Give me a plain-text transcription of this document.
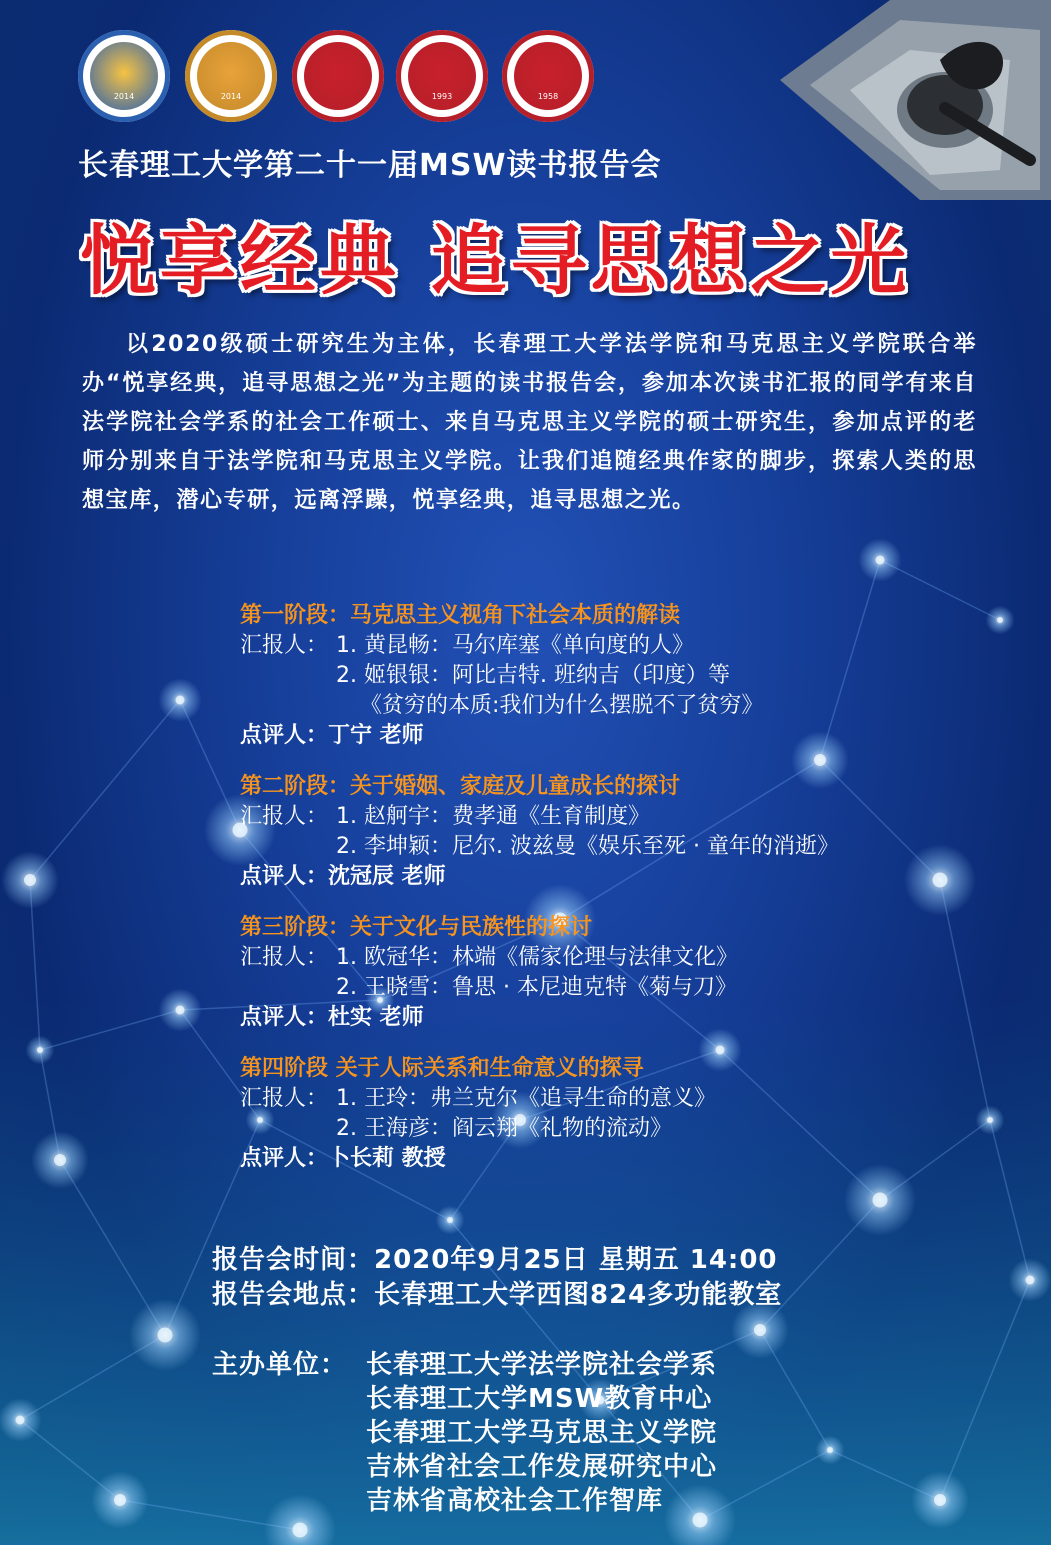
2014	2014	1993	1958
长春理工大学第二十一届MSW读书报告会
悦享经典 追寻思想之光
以2020级硕士研究生为主体，长春理工大学法学院和马克思主义学院联合举办“悦享经典，追寻思想之光”为主题的读书报告会，参加本次读书汇报的同学有来自法学院社会学系的社会工作硕士、来自马克思主义学院的硕士研究生，参加点评的老师分别来自于法学院和马克思主义学院。让我们追随经典作家的脚步，探索人类的思想宝库，潜心专研，远离浮躁，悦享经典，追寻思想之光。
第一阶段：马克思主义视角下社会本质的解读
汇报人： 1. 黄昆畅：马尔库塞《单向度的人》
2. 姬银银：阿比吉特. 班纳吉（印度）等
《贫穷的本质:我们为什么摆脱不了贫穷》
点评人：丁宁 老师
第二阶段：关于婚姻、家庭及儿童成长的探讨
汇报人： 1. 赵舸宇：费孝通《生育制度》
2. 李坤颖：尼尔. 波兹曼《娱乐至死 · 童年的消逝》
点评人：沈冠辰 老师
第三阶段：关于文化与民族性的探讨
汇报人： 1. 欧冠华：林端《儒家伦理与法律文化》
2. 王晓雪：鲁思 · 本尼迪克特《菊与刀》
点评人：杜实 老师
第四阶段 关于人际关系和生命意义的探寻
汇报人： 1. 王玲：弗兰克尔《追寻生命的意义》
2. 王海彦：阎云翔《礼物的流动》
点评人：卜长莉 教授
报告会时间：2020年9月25日 星期五 14:00
报告会地点：长春理工大学西图824多功能教室
主办单位： 长春理工大学法学院社会学系
长春理工大学MSW教育中心
长春理工大学马克思主义学院
吉林省社会工作发展研究中心
吉林省高校社会工作智库
